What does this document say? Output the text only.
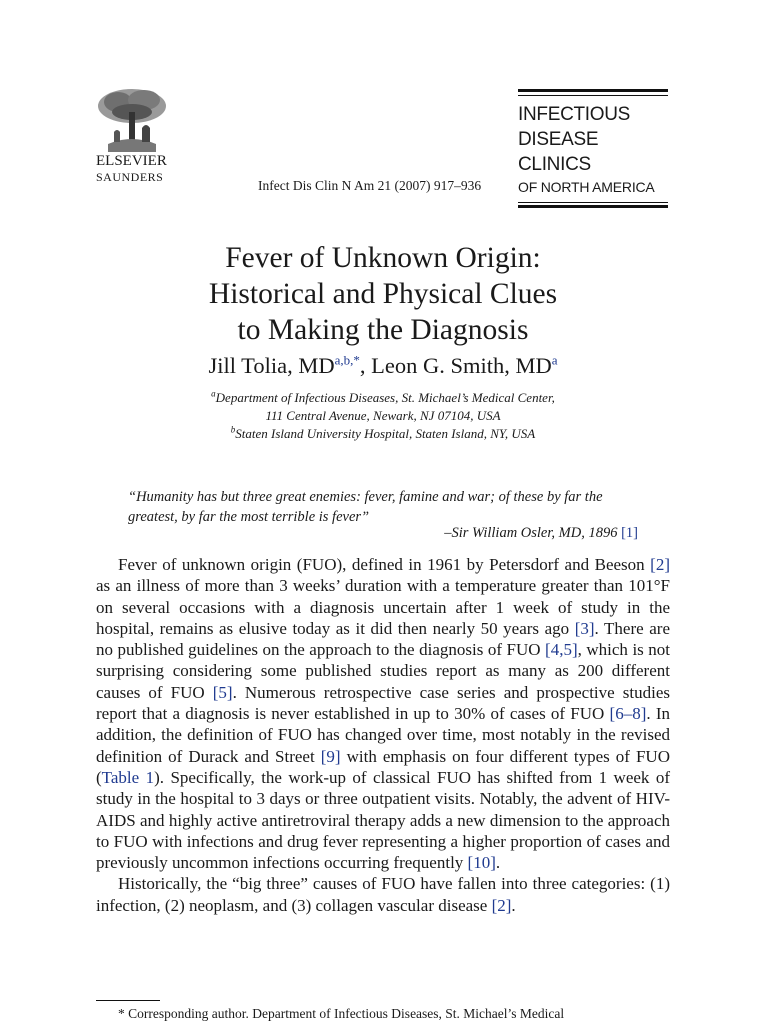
ELSEVIER
SAUNDERS
Infect Dis Clin N Am 21 (2007) 917–936
INFECTIOUS
DISEASE CLINICS
OF NORTH AMERICA
Fever of Unknown Origin:
Historical and Physical Clues
to Making the Diagnosis
Jill Tolia, $MD^{a,b,*}$, Leon G. Smith, $MD^a$
$^a$Department of Infectious Diseases, St. Michael’s Medical Center,
111 Central Avenue, Newark, NJ 07104, USA
$^b$Staten Island University Hospital, Staten Island, NY, USA
“Humanity has but three great enemies: fever, famine and war; of these by far the greatest, by far the most terrible is fever”
–Sir William Osler, MD, 1896 [1]

Fever of unknown origin (FUO), defined in 1961 by Petersdorf and Beeson [2] as an illness of more than 3 weeks’ duration with a temperature greater than 101°F on several occasions with a diagnosis uncertain after 1 week of study in the hospital, remains as elusive today as it did then nearly 50 years ago [3]. There are no published guidelines on the approach to the diagnosis of FUO [4,5], which is not surprising considering some published studies report as many as 200 different causes of FUO [5]. Numerous retrospective case series and prospective studies report that a diagnosis is never established in up to 30% of cases of FUO [6–8]. In addition, the definition of FUO has changed over time, most notably in the revised definition of Durack and Street [9] with emphasis on four different types of FUO (Table 1). Specifically, the work-up of classical FUO has shifted from 1 week of study in the hospital to 3 days or three outpatient visits. Notably, the advent of HIV-AIDS and highly active antiretroviral therapy adds a new dimension to the approach to FUO with infections and drug fever representing a higher proportion of cases and previously uncommon infections occurring frequently [10].

Historically, the “big three” causes of FUO have fallen into three categories: (1) infection, (2) neoplasm, and (3) collagen vascular disease [2].

* Corresponding author. Department of Infectious Diseases, St. Michael’s Medical
